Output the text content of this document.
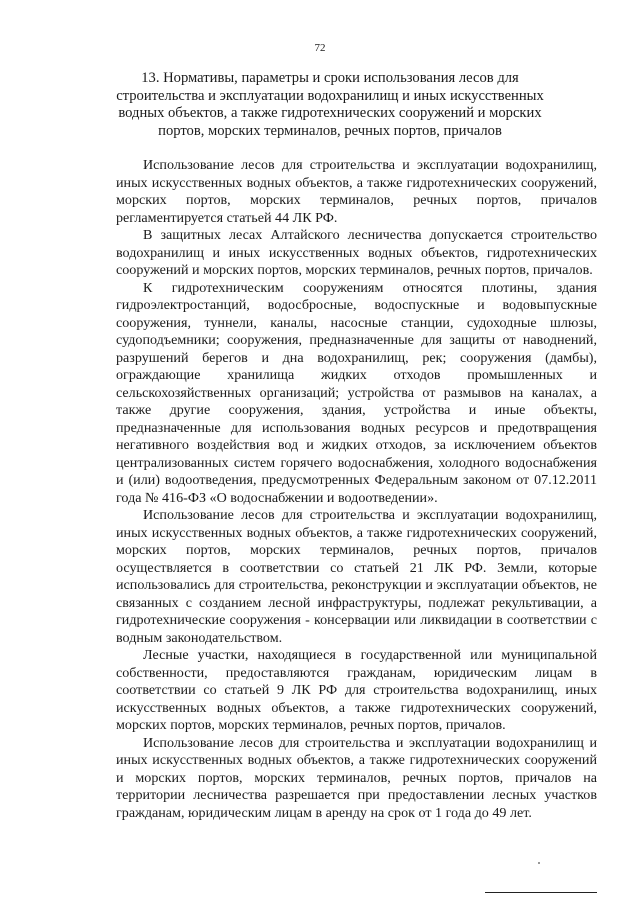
72
13. Нормативы, параметры и сроки использования лесов для
строительства и эксплуатации водохранилищ и иных искусственных
водных объектов, а также гидротехнических сооружений и морских
портов, морских терминалов, речных портов, причалов

Использование лесов для строительства и эксплуатации водохранилищ, иных искусственных водных объектов, а также гидротехнических сооружений, морских портов, морских терминалов, речных портов, причалов регламентируется статьей 44 ЛК РФ.

В защитных лесах Алтайского лесничества допускается строительство водохранилищ и иных искусственных водных объектов, гидротехнических сооружений и морских портов, морских терминалов, речных портов, причалов.

К гидротехническим сооружениям относятся плотины, здания гидроэлектростанций, водосбросные, водоспускные и водовыпускные сооружения, туннели, каналы, насосные станции, судоходные шлюзы, судоподъемники; сооружения, предназначенные для защиты от наводнений, разрушений берегов и дна водохранилищ, рек; сооружения (дамбы), ограждающие хранилища жидких отходов промышленных и сельскохозяйственных организаций; устройства от размывов на каналах, а также другие сооружения, здания, устройства и иные объекты, предназначенные для использования водных ресурсов и предотвращения негативного воздействия вод и жидких отходов, за исключением объектов централизованных систем горячего водоснабжения, холодного водоснабжения и (или) водоотведения, предусмотренных Федеральным законом от 07.12.2011 года № 416-ФЗ «О водоснабжении и водоотведении».

Использование лесов для строительства и эксплуатации водохранилищ, иных искусственных водных объектов, а также гидротехнических сооружений, морских портов, морских терминалов, речных портов, причалов осуществляется в соответствии со статьей 21 ЛК РФ. Земли, которые использовались для строительства, реконструкции и эксплуатации объектов, не связанных с созданием лесной инфраструктуры, подлежат рекультивации, а гидротехнические сооружения - консервации или ликвидации в соответствии с водным законодательством.

Лесные участки, находящиеся в государственной или муниципальной собственности, предоставляются гражданам, юридическим лицам в соответствии со статьей 9 ЛК РФ для строительства водохранилищ, иных искусственных водных объектов, а также гидротехнических сооружений, морских портов, морских терминалов, речных портов, причалов.

Использование лесов для строительства и эксплуатации водохранилищ и иных искусственных водных объектов, а также гидротехнических сооружений и морских портов, морских терминалов, речных портов, причалов на территории лесничества разрешается при предоставлении лесных участков гражданам, юридическим лицам в аренду на срок от 1 года до 49 лет.
